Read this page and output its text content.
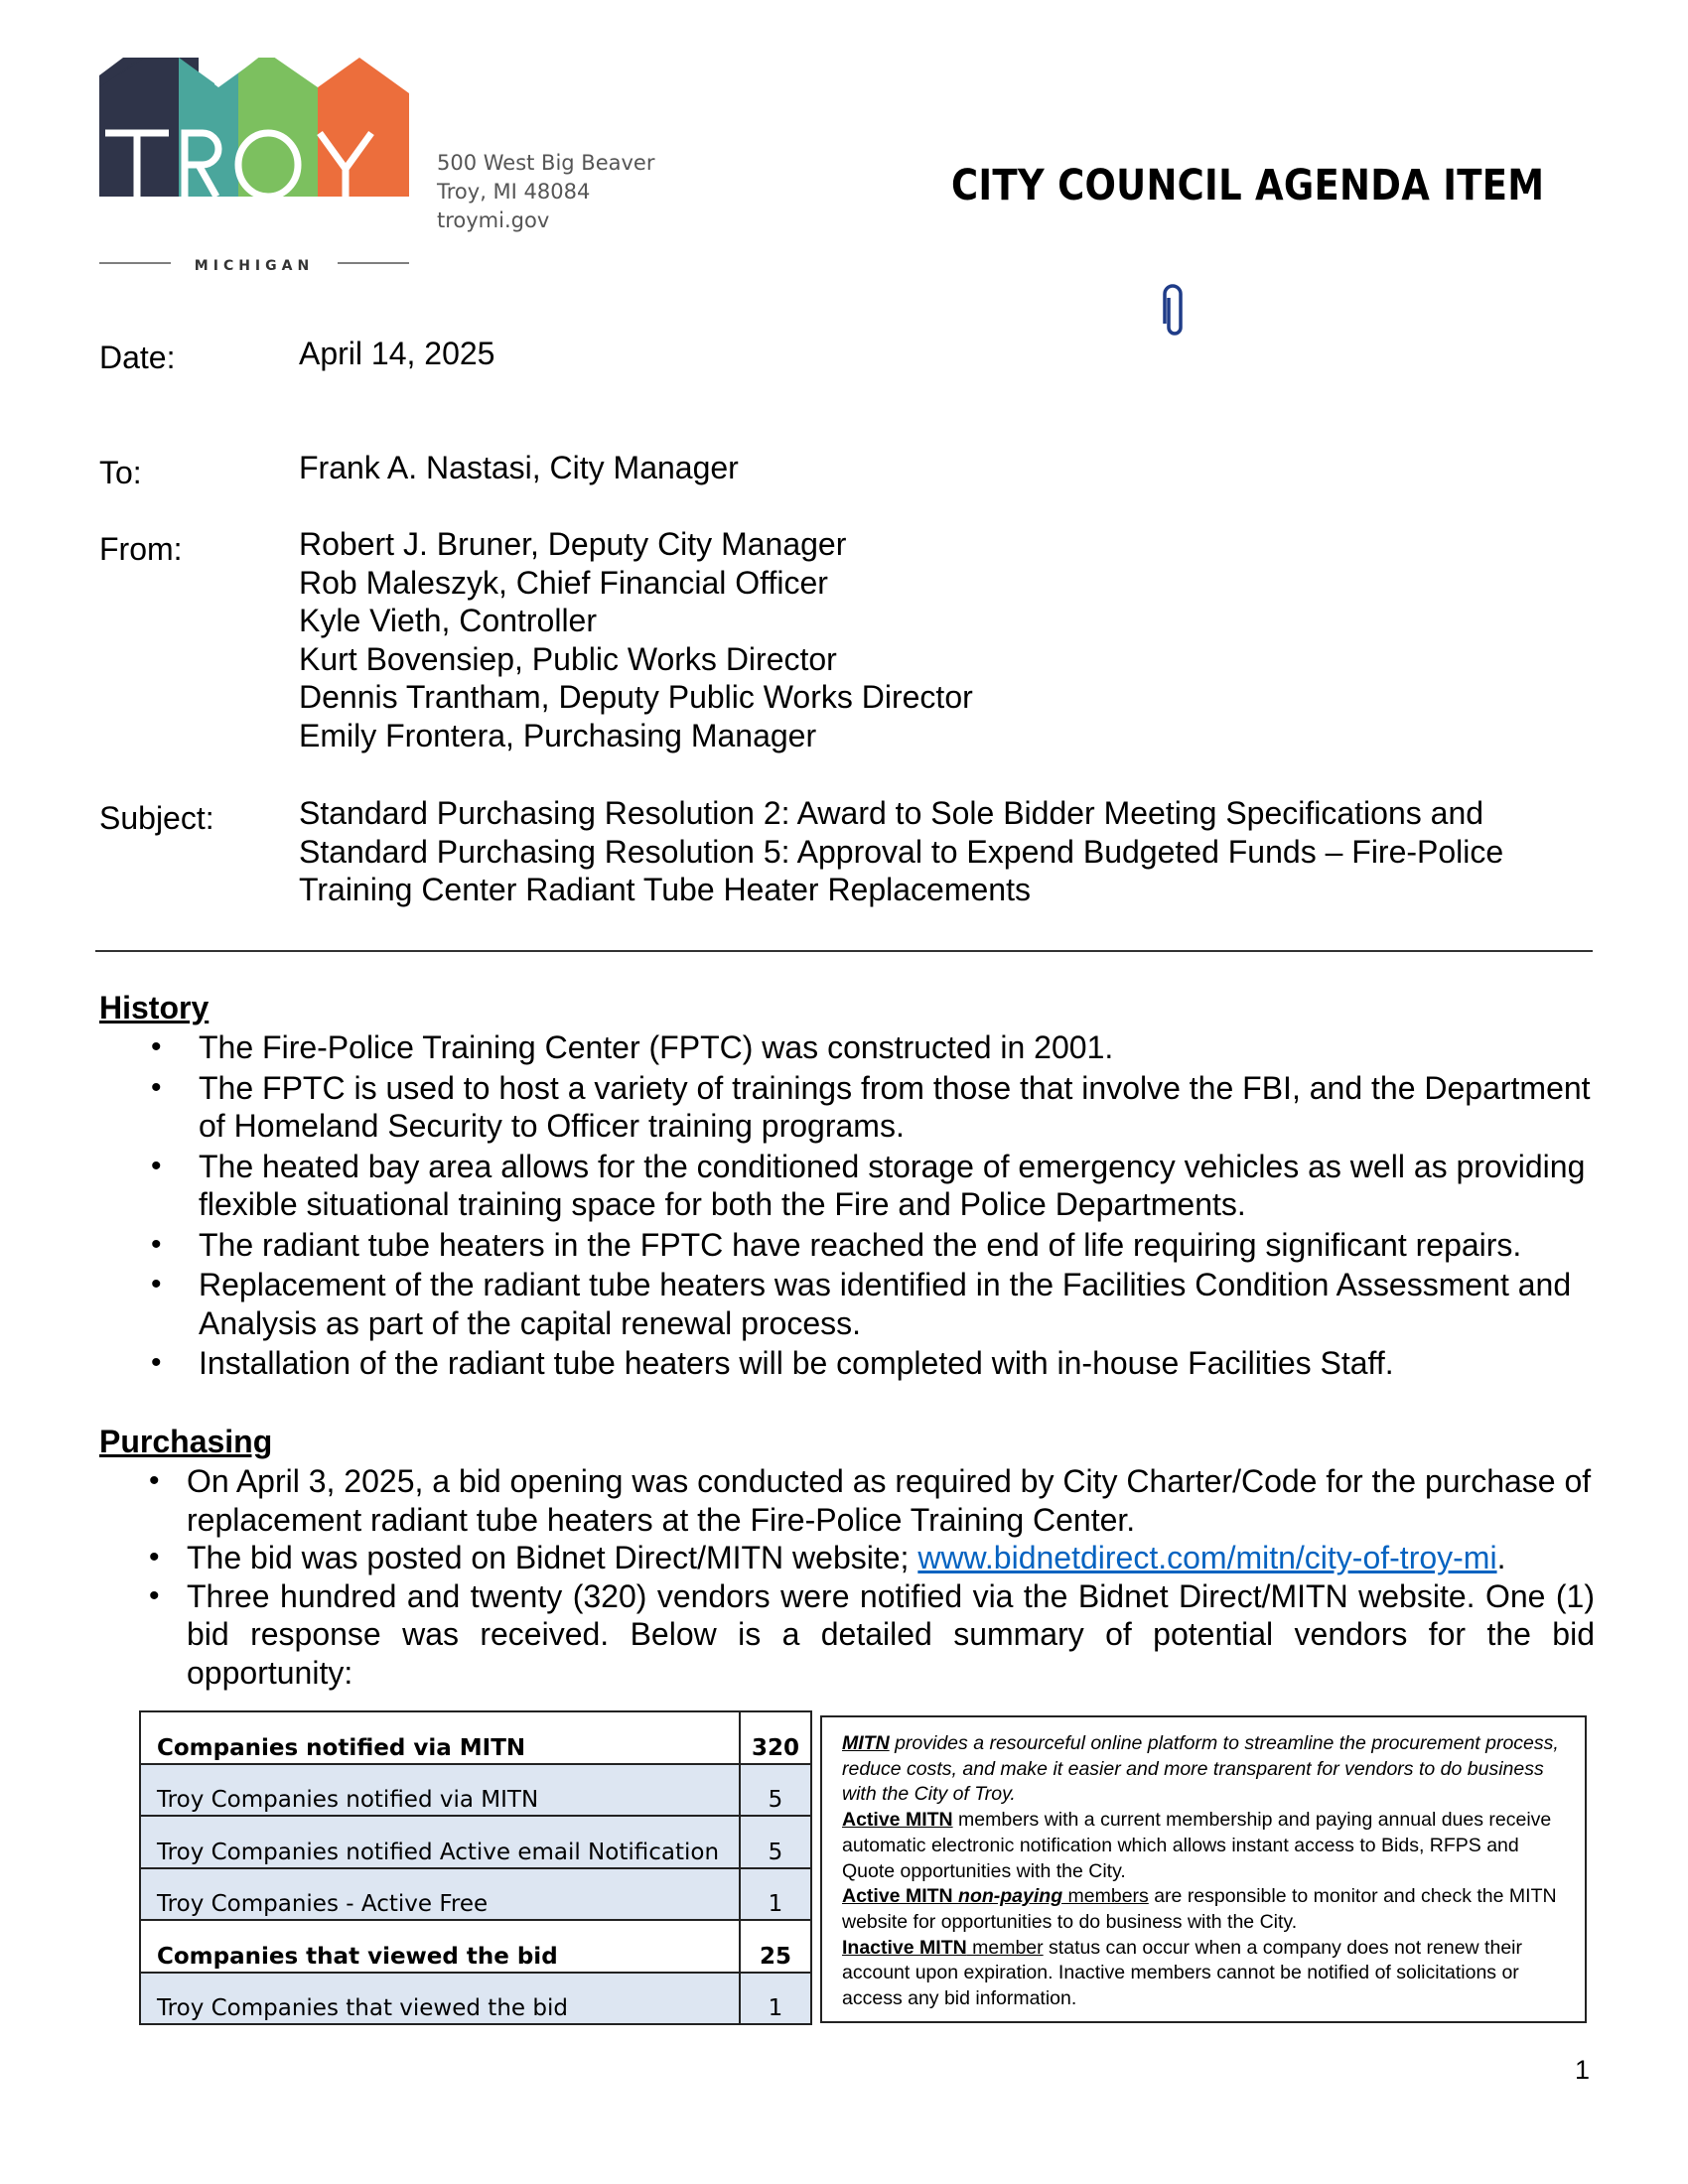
MICHIGAN
500 West Big Beaver
Troy, MI 48084
troymi.gov
CITY COUNCIL AGENDA ITEM
Date:	April 14, 2025
To:	Frank A. Nastasi, City Manager
From:	Robert J. Bruner, Deputy City Manager
Rob Maleszyk, Chief Financial Officer
Kyle Vieth, Controller
Kurt Bovensiep, Public Works Director
Dennis Trantham, Deputy Public Works Director
Emily Frontera, Purchasing Manager
Subject:	Standard Purchasing Resolution 2: Award to Sole Bidder Meeting Specifications and
Standard Purchasing Resolution 5: Approval to Expend Budgeted Funds – Fire-Police
Training Center Radiant Tube Heater Replacements
History
• The Fire-Police Training Center (FPTC) was constructed in 2001.
• The FPTC is used to host a variety of trainings from those that involve the FBI, and the Department of Homeland Security to Officer training programs.
• The heated bay area allows for the conditioned storage of emergency vehicles as well as providing flexible situational training space for both the Fire and Police Departments.
• The radiant tube heaters in the FPTC have reached the end of life requiring significant repairs.
• Replacement of the radiant tube heaters was identified in the Facilities Condition Assessment and Analysis as part of the capital renewal process.
• Installation of the radiant tube heaters will be completed with in-house Facilities Staff.
Purchasing
• On April 3, 2025, a bid opening was conducted as required by City Charter/Code for the purchase of replacement radiant tube heaters at the Fire-Police Training Center.
• The bid was posted on Bidnet Direct/MITN website; www.bidnetdirect.com/mitn/city-of-troy-mi.
• Three hundred and twenty (320) vendors were notified via the Bidnet Direct/MITN website. One (1) bid response was received. Below is a detailed summary of potential vendors for the bid opportunity:
Companies notified via MITN	320
Troy Companies notified via MITN	5
Troy Companies notified Active email Notification	5
Troy Companies - Active Free	1
Companies that viewed the bid	25
Troy Companies that viewed the bid	1

MITN provides a resourceful online platform to streamline the procurement process, reduce costs, and make it easier and more transparent for vendors to do business with the City of Troy.

Active MITN members with a current membership and paying annual dues receive automatic electronic notification which allows instant access to Bids, RFPS and Quote opportunities with the City.

Active MITN non-paying members are responsible to monitor and check the MITN website for opportunities to do business with the City.

Inactive MITN member status can occur when a company does not renew their account upon expiration. Inactive members cannot be notified of solicitations or access any bid information.

1
